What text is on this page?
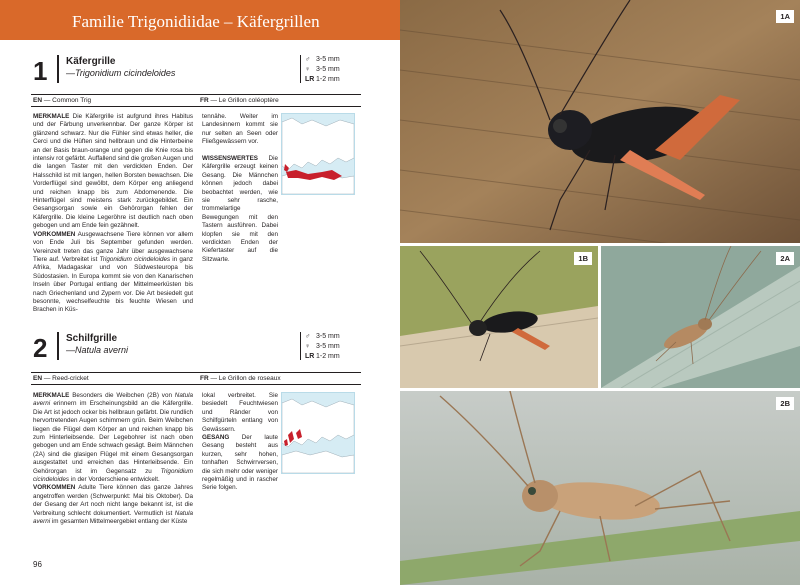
Familie Trigonidiidae – Käfergrillen
1 Käfergrille
—Trigonidium cicindeloides
♂ 3-5 mm
♀ 3-5 mm
LR 1-2 mm
EN — Common Trig	FR — Le Grillon coléoptère

MERKMALE Die Käfergrille ist aufgrund ihres Habitus und der Färbung unverkennbar. Der ganze Körper ist glänzend schwarz. Nur die Fühler sind etwas heller, die Cerci und die Hüften sind hellbraun und die Hinterbeine an der Basis braun-orange und gegen die Knie rosa bis intensiv rot gefärbt. Auffallend sind die großen Augen und die langen Taster mit den verdickten Enden. Der Halsschild ist mit langen, hellen Borsten bewachsen. Die Vorderflügel sind gewölbt, dem Körper eng anliegend und reichen knapp bis zum Abdomenende. Die Hinterflügel sind meistens stark zurückgebildet. Ein Gesangsorgan sowie ein Gehörorgan fehlen der Käfergrille. Die kleine Legeröhre ist deutlich nach oben gebogen und am Ende fein gezähnelt.

VORKOMMEN Ausgewachsene Tiere können vor allem von Ende Juli bis September gefunden werden. Vereinzelt treten das ganze Jahr über ausgewachsene Tiere auf. Verbreitet ist Trigonidium cicindeloides in ganz Afrika, Madagaskar und von Südwesteuropa bis Südostasien. In Europa kommt sie von den Kanarischen Inseln über Portugal entlang der Mittelmeerküsten bis nach Griechenland und Zypern vor. Die Art besiedelt gut besonnte, wechselfeuchte bis feuchte Wiesen und Brachen in Küs-

tennähe. Weiter im Landesinnern kommt sie nur selten an Seen oder Fließgewässern vor.

WISSENSWERTES Die Käfergrille erzeugt keinen Gesang. Die Männchen können jedoch dabei beobachtet werden, wie sie sehr rasche, trommelartige Bewegungen mit den Tastern ausführen. Dabei klopfen sie mit den verdickten Enden der Kiefertaster auf die Sitzwarte.

2 Schilfgrille
—Natula averni
♂ 3-5 mm
♀ 3-5 mm
LR 1-2 mm
EN — Reed-cricket	FR — Le Grillon de roseaux

MERKMALE Besonders die Weibchen (2B) von Natula averni erinnern im Erscheinungsbild an die Käfergrille. Die Art ist jedoch ocker bis hellbraun gefärbt. Die rundlich hervortretenden Augen schimmern grün. Beim Weibchen liegen die Flügel dem Körper an und reichen knapp bis zum Hinterleibsende. Der Legebohrer ist nach oben gebogen und am Ende schwach gesägt. Beim Männchen (2A) sind die glasigen Flügel mit einem Gesangsorgan ausgestattet und erreichen das Hinterleibsende. Ein Gehörorgan ist im Gegensatz zu Trigonidium cicindeloides in der Vorderschiene entwickelt.

VORKOMMEN Adulte Tiere können das ganze Jahres angetroffen werden (Schwerpunkt: Mai bis Oktober). Da der Gesang der Art noch nicht lange bekannt ist, ist die Verbreitung schlecht dokumentiert. Vermutlich ist Natula averni im gesamten Mittelmeergebiet entlang der Küste

lokal verbreitet. Sie besiedelt Feuchtwiesen und Ränder von Schilfgürteln entlang von Gewässern.

GESANG Der laute Gesang besteht aus kurzen, sehr hohen, tonhaften Schwirrversen, die sich mehr oder weniger regelmäßig und in rascher Serie folgen.

96
1A
1B	2A
2B
